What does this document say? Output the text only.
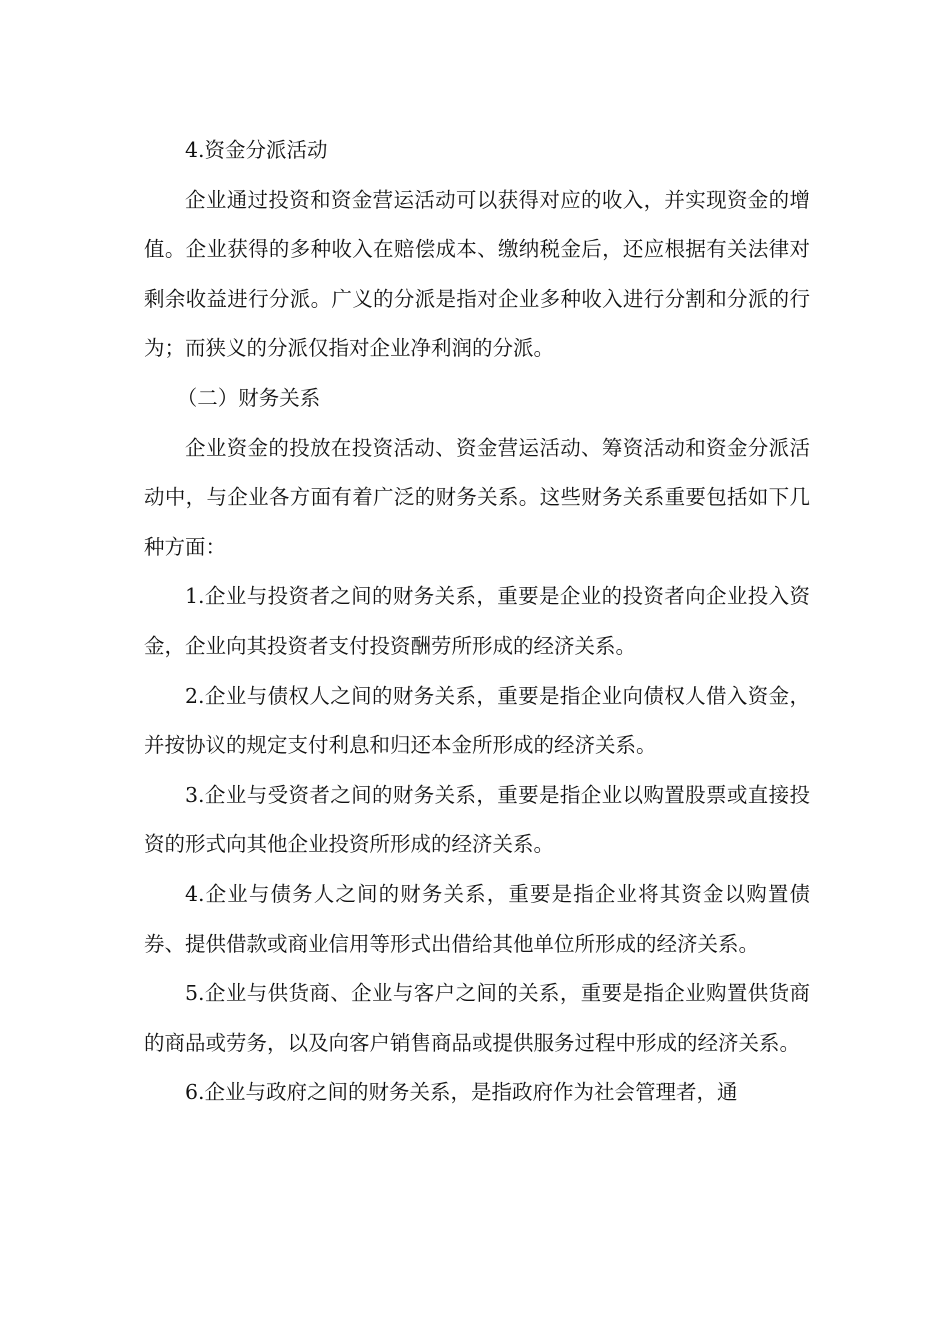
4.资金分派活动

企业通过投资和资金营运活动可以获得对应的收入，并实现资金的增值。企业获得的多种收入在赔偿成本、缴纳税金后，还应根据有关法律对剩余收益进行分派。广义的分派是指对企业多种收入进行分割和分派的行为；而狭义的分派仅指对企业净利润的分派。

（二）财务关系

企业资金的投放在投资活动、资金营运活动、筹资活动和资金分派活动中，与企业各方面有着广泛的财务关系。这些财务关系重要包括如下几种方面：

1.企业与投资者之间的财务关系，重要是企业的投资者向企业投入资金，企业向其投资者支付投资酬劳所形成的经济关系。

2.企业与债权人之间的财务关系，重要是指企业向债权人借入资金，并按协议的规定支付利息和归还本金所形成的经济关系。

3.企业与受资者之间的财务关系，重要是指企业以购置股票或直接投资的形式向其他企业投资所形成的经济关系。

4.企业与债务人之间的财务关系，重要是指企业将其资金以购置债券、提供借款或商业信用等形式出借给其他单位所形成的经济关系。

5.企业与供货商、企业与客户之间的关系，重要是指企业购置供货商的商品或劳务，以及向客户销售商品或提供服务过程中形成的经济关系。

6.企业与政府之间的财务关系，是指政府作为社会管理者，通
